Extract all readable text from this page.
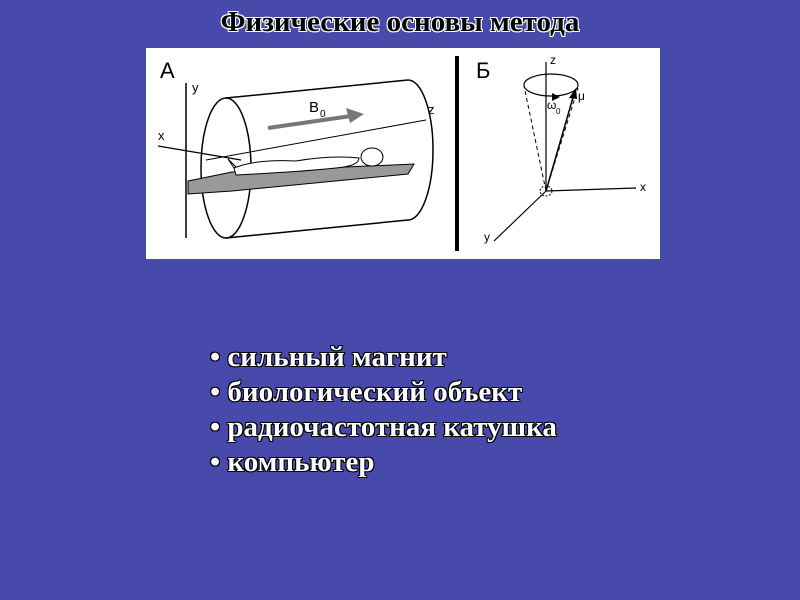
Физические основы метода
А
y
x
z
B 0
Б	z
x
y
μ
ω 0
• сильный магнит
• биологический объект
• радиочастотная катушка
• компьютер
